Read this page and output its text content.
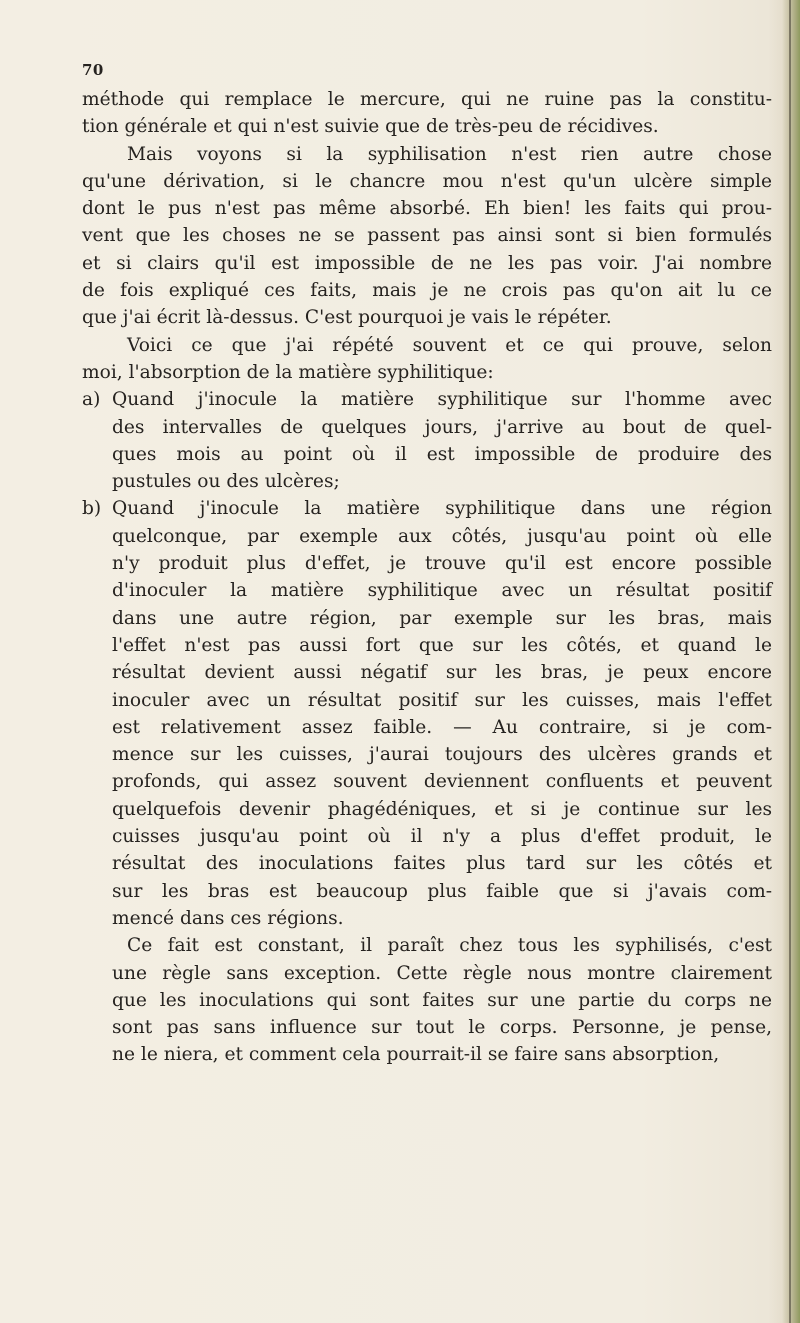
70
méthode qui remplace le mercure, qui ne ruine pas la constitu-
tion générale et qui n'est suivie que de très-peu de récidives.
Mais voyons si la syphilisation n'est rien autre chose
qu'une dérivation, si le chancre mou n'est qu'un ulcère simple
dont le pus n'est pas même absorbé. Eh bien! les faits qui prou-
vent que les choses ne se passent pas ainsi sont si bien formulés
et si clairs qu'il est impossible de ne les pas voir. J'ai nombre
de fois expliqué ces faits, mais je ne crois pas qu'on ait lu ce
que j'ai écrit là-dessus. C'est pourquoi je vais le répéter.
Voici ce que j'ai répété souvent et ce qui prouve, selon
moi, l'absorption de la matière syphilitique:
a) Quand j'inocule la matière syphilitique sur l'homme avec
des intervalles de quelques jours, j'arrive au bout de quel-
ques mois au point où il est impossible de produire des
pustules ou des ulcères;
b) Quand j'inocule la matière syphilitique dans une région
quelconque, par exemple aux côtés, jusqu'au point où elle
n'y produit plus d'effet, je trouve qu'il est encore possible
d'inoculer la matière syphilitique avec un résultat positif
dans une autre région, par exemple sur les bras, mais
l'effet n'est pas aussi fort que sur les côtés, et quand le
résultat devient aussi négatif sur les bras, je peux encore
inoculer avec un résultat positif sur les cuisses, mais l'effet
est relativement assez faible. — Au contraire, si je com-
mence sur les cuisses, j'aurai toujours des ulcères grands et
profonds, qui assez souvent deviennent confluents et peuvent
quelquefois devenir phagédéniques, et si je continue sur les
cuisses jusqu'au point où il n'y a plus d'effet produit, le
résultat des inoculations faites plus tard sur les côtés et
sur les bras est beaucoup plus faible que si j'avais com-
mencé dans ces régions.
Ce fait est constant, il paraît chez tous les syphilisés, c'est
une règle sans exception. Cette règle nous montre clairement
que les inoculations qui sont faites sur une partie du corps ne
sont pas sans influence sur tout le corps. Personne, je pense,
ne le niera, et comment cela pourrait-il se faire sans absorption,
